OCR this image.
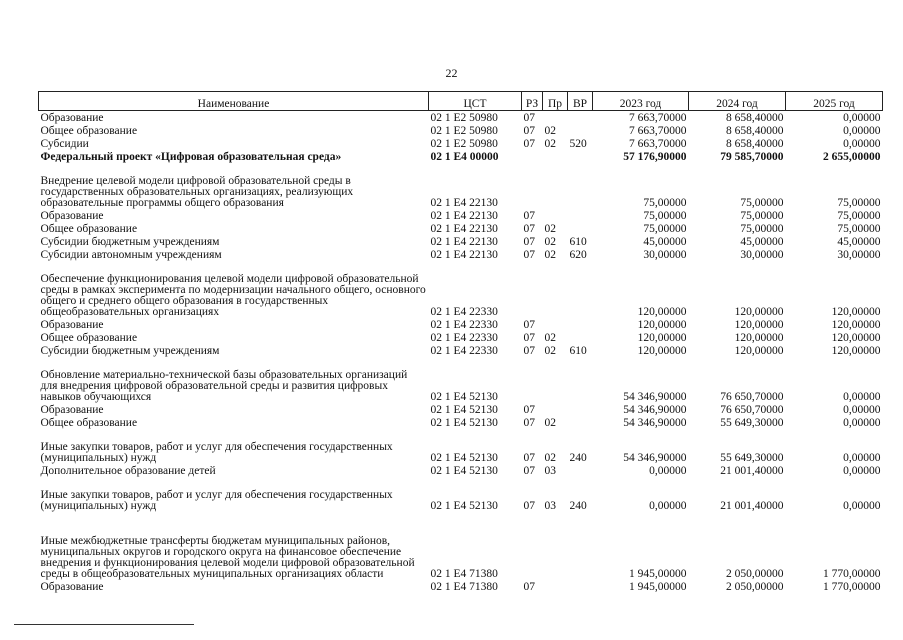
22
Наименование	ЦСТ	РЗ	Пр	ВР	2023 год	2024 год	2025 год
Образование	02 1 E2 50980	07			7 663,70000	8 658,40000	0,00000
Общее образование	02 1 E2 50980	07	02		7 663,70000	8 658,40000	0,00000
Субсидии	02 1 E2 50980	07	02	520	7 663,70000	8 658,40000	0,00000
Федеральный проект «Цифровая образовательная среда»	02 1 E4 00000				57 176,90000	79 585,70000	2 655,00000
Внедрение целевой модели цифровой образовательной среды в государственных образовательных организациях, реализующих образовательные программы общего образования	02 1 E4 22130				75,00000	75,00000	75,00000
Образование	02 1 E4 22130	07			75,00000	75,00000	75,00000
Общее образование	02 1 E4 22130	07	02		75,00000	75,00000	75,00000
Субсидии бюджетным учреждениям	02 1 E4 22130	07	02	610	45,00000	45,00000	45,00000
Субсидии автономным учреждениям	02 1 E4 22130	07	02	620	30,00000	30,00000	30,00000
Обеспечение функционирования целевой модели цифровой образовательной среды в рамках эксперимента по модернизации начального общего, основного общего и среднего общего образования в государственных общеобразовательных организациях	02 1 E4 22330				120,00000	120,00000	120,00000
Образование	02 1 E4 22330	07			120,00000	120,00000	120,00000
Общее образование	02 1 E4 22330	07	02		120,00000	120,00000	120,00000
Субсидии бюджетным учреждениям	02 1 E4 22330	07	02	610	120,00000	120,00000	120,00000
Обновление материально-технической базы образовательных организаций для внедрения цифровой образовательной среды и развития цифровых навыков обучающихся	02 1 E4 52130				54 346,90000	76 650,70000	0,00000
Образование	02 1 E4 52130	07			54 346,90000	76 650,70000	0,00000
Общее образование	02 1 E4 52130	07	02		54 346,90000	55 649,30000	0,00000
Иные закупки товаров, работ и услуг для обеспечения государственных (муниципальных) нужд	02 1 E4 52130	07	02	240	54 346,90000	55 649,30000	0,00000
Дополнительное образование детей	02 1 E4 52130	07	03		0,00000	21 001,40000	0,00000
Иные закупки товаров, работ и услуг для обеспечения государственных (муниципальных) нужд	02 1 E4 52130	07	03	240	0,00000	21 001,40000	0,00000
Иные межбюджетные трансферты бюджетам муниципальных районов, муниципальных округов и городского округа на финансовое обеспечение внедрения и функционирования целевой модели цифровой образовательной среды в общеобразовательных муниципальных организациях области	02 1 E4 71380				1 945,00000	2 050,00000	1 770,00000
Образование	02 1 E4 71380	07			1 945,00000	2 050,00000	1 770,00000
